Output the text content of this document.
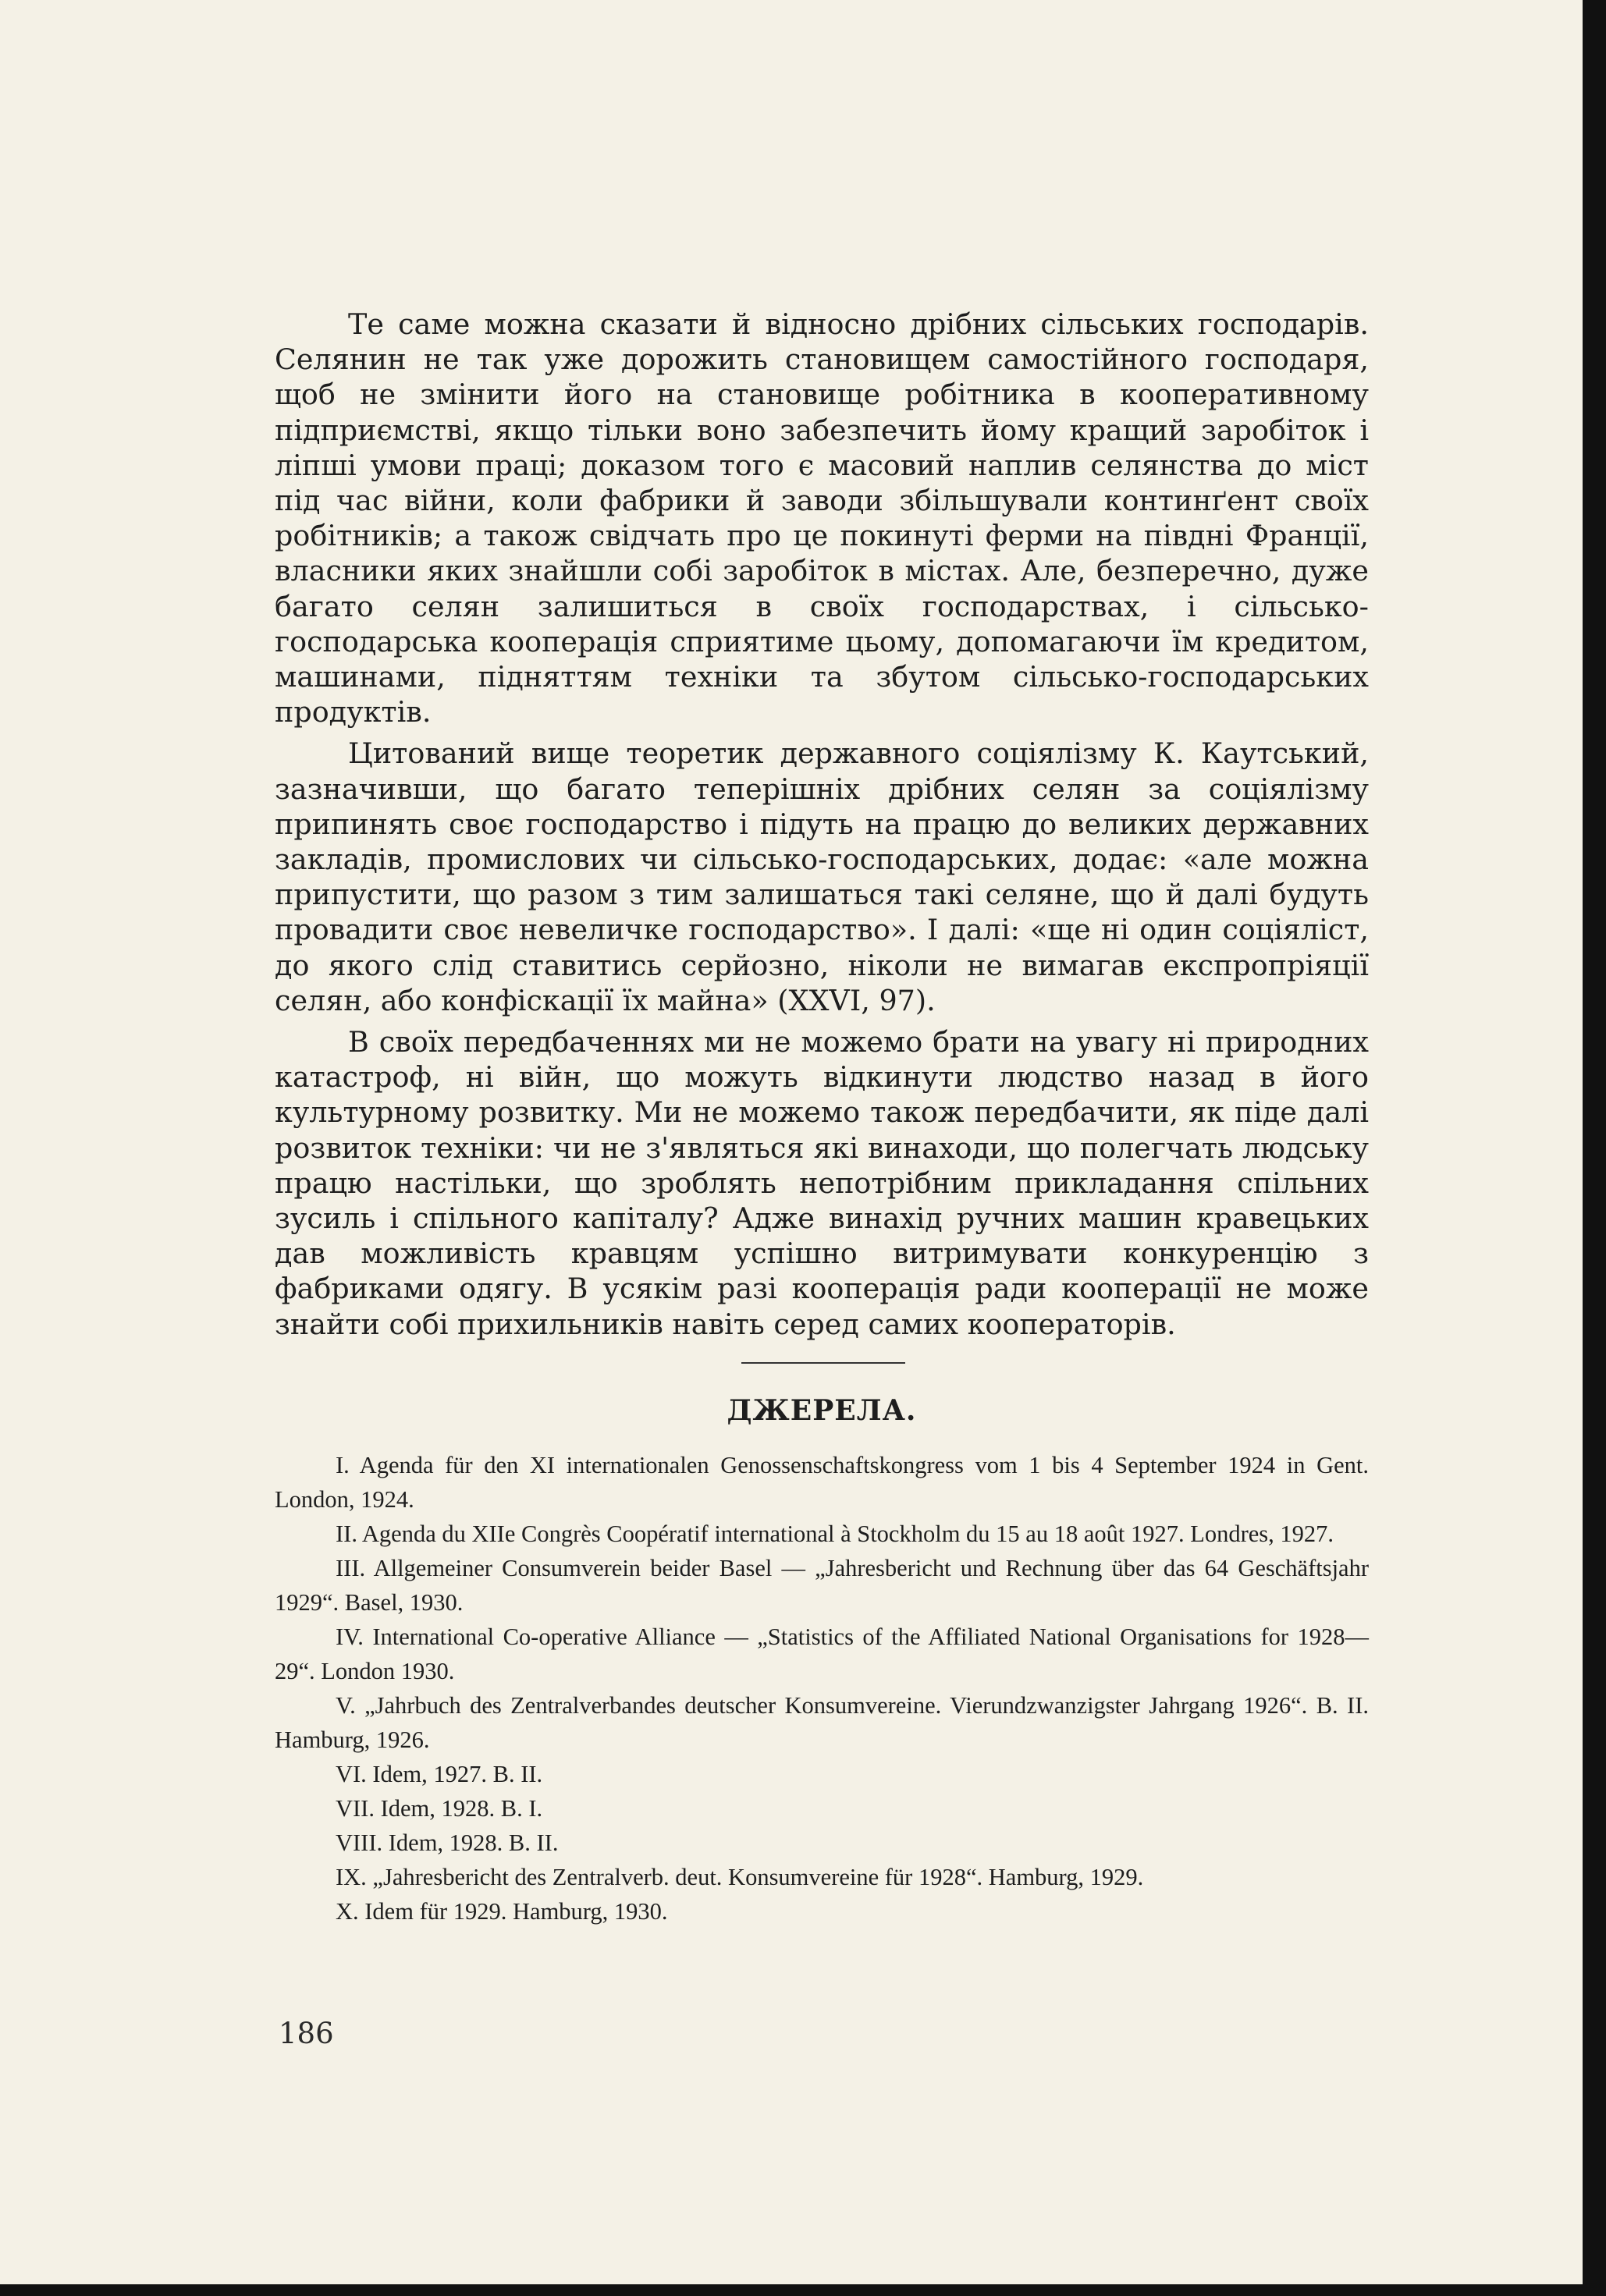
Те саме можна сказати й відносно дрібних сільських господарів. Селянин не так уже дорожить становищем самостійного господаря, щоб не змінити його на становище робітника в кооперативному підприємстві, якщо тільки воно забезпечить йому кращий заробіток і ліпші умови праці; доказом того є масовий наплив селянства до міст під час війни, коли фабрики й заводи збільшували континґент своїх робітників; а також свідчать про це покинуті ферми на півдні Франції, власники яких знайшли собі заробіток в містах. Але, безперечно, дуже багато селян залишиться в своїх господарствах, і сільсько-господарська кооперація сприятиме цьому, допомагаючи їм кредитом, машинами, підняттям техніки та збутом сільсько-господарських продуктів.

Цитований вище теоретик державного соціялізму К. Каутський, зазначивши, що багато теперішніх дрібних селян за соціялізму припинять своє господарство і підуть на працю до великих державних закладів, промислових чи сільсько-господарських, додає: «але можна припустити, що разом з тим залишаться такі селяне, що й далі будуть провадити своє невеличке господарство». І далі: «ще ні один соціяліст, до якого слід ставитись серйозно, ніколи не вимагав експропріяції селян, або конфіскації їх майна» (XXVI, 97).

В своїх передбаченнях ми не можемо брати на увагу ні природних катастроф, ні війн, що можуть відкинути людство назад в його культурному розвитку. Ми не можемо також передбачити, як піде далі розвиток техніки: чи не з'являться які винаходи, що полегчать людську працю настільки, що зроблять непотрібним прикладання спільних зусиль і спільного капіталу? Адже винахід ручних машин кравецьких дав можливість кравцям успішно витримувати конкуренцію з фабриками одягу. В усякім разі кооперація ради кооперації не може знайти собі прихильників навіть серед самих кооператорів.

ДЖЕРЕЛА.
I. Agenda für den XI internationalen Genossenschaftskongress vom 1 bis 4 September 1924 in Gent. London, 1924.
II. Agenda du XIIe Congrès Coopératif international à Stockholm du 15 au 18 août 1927. Londres, 1927.
III. Allgemeiner Consumverein beider Basel — „Jahresbericht und Rechnung über das 64 Geschäftsjahr 1929“. Basel, 1930.
IV. International Co-operative Alliance — „Statistics of the Affiliated National Organisations for 1928—29“. London 1930.
V. „Jahrbuch des Zentralverbandes deutscher Konsumvereine. Vierundzwanzigster Jahrgang 1926“. B. II. Hamburg, 1926.
VI. Idem, 1927. B. II.
VII. Idem, 1928. B. I.
VIII. Idem, 1928. B. II.
IX. „Jahresbericht des Zentralverb. deut. Konsumvereine für 1928“. Hamburg, 1929.
X. Idem für 1929. Hamburg, 1930.
186
